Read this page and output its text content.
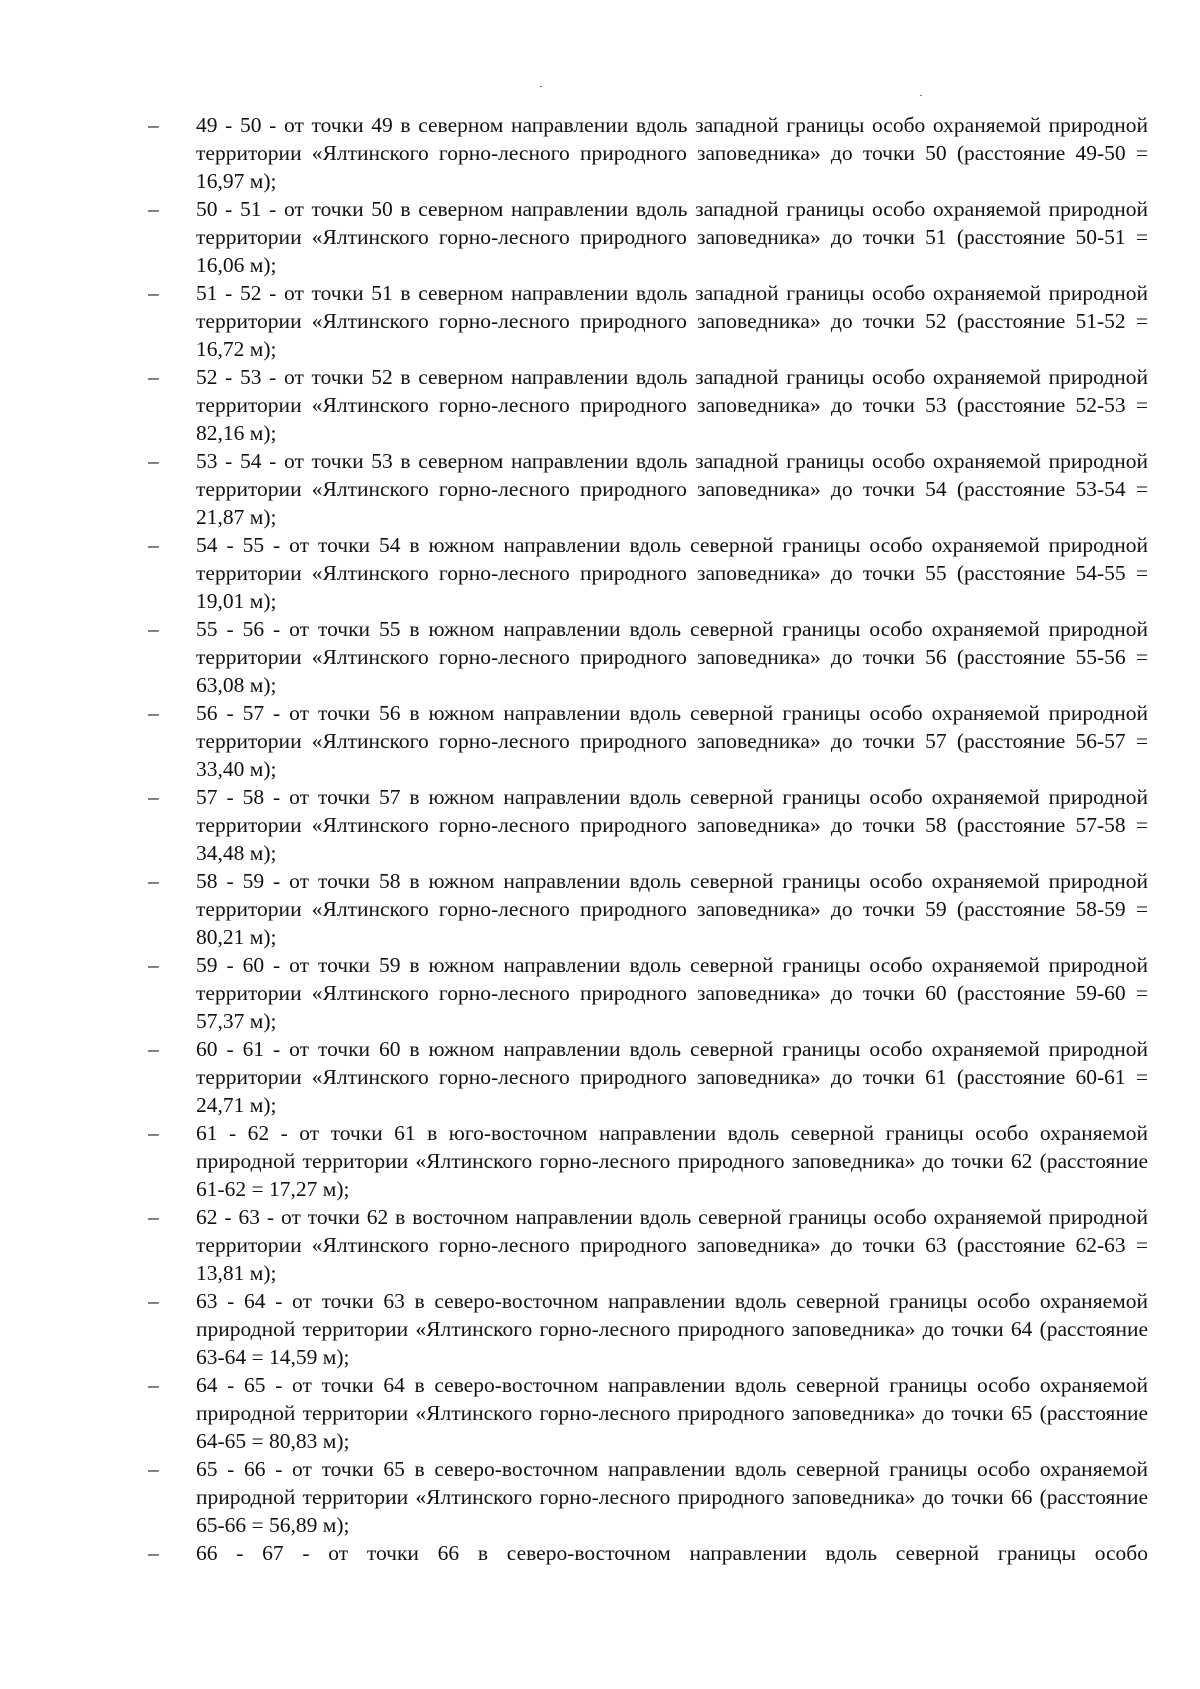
–	49 - 50 - от точки 49 в северном направлении вдоль западной границы особо охраняемой природной территории «Ялтинского горно-лесного природного заповедника» до точки 50 (расстояние 49-50 = 16,97 м);
–	50 - 51 - от точки 50 в северном направлении вдоль западной границы особо охраняемой природной территории «Ялтинского горно-лесного природного заповедника» до точки 51 (расстояние 50-51 = 16,06 м);
–	51 - 52 - от точки 51 в северном направлении вдоль западной границы особо охраняемой природной территории «Ялтинского горно-лесного природного заповедника» до точки 52 (расстояние 51-52 = 16,72 м);
–	52 - 53 - от точки 52 в северном направлении вдоль западной границы особо охраняемой природной территории «Ялтинского горно-лесного природного заповедника» до точки 53 (расстояние 52-53 = 82,16 м);
–	53 - 54 - от точки 53 в северном направлении вдоль западной границы особо охраняемой природной территории «Ялтинского горно-лесного природного заповедника» до точки 54 (расстояние 53-54 = 21,87 м);
–	54 - 55 - от точки 54 в южном направлении вдоль северной границы особо охраняемой природной территории «Ялтинского горно-лесного природного заповедника» до точки 55 (расстояние 54-55 = 19,01 м);
–	55 - 56 - от точки 55 в южном направлении вдоль северной границы особо охраняемой природной территории «Ялтинского горно-лесного природного заповедника» до точки 56 (расстояние 55-56 = 63,08 м);
–	56 - 57 - от точки 56 в южном направлении вдоль северной границы особо охраняемой природной территории «Ялтинского горно-лесного природного заповедника» до точки 57 (расстояние 56-57 = 33,40 м);
–	57 - 58 - от точки 57 в южном направлении вдоль северной границы особо охраняемой природной территории «Ялтинского горно-лесного природного заповедника» до точки 58 (расстояние 57-58 = 34,48 м);
–	58 - 59 - от точки 58 в южном направлении вдоль северной границы особо охраняемой природной территории «Ялтинского горно-лесного природного заповедника» до точки 59 (расстояние 58-59 = 80,21 м);
–	59 - 60 - от точки 59 в южном направлении вдоль северной границы особо охраняемой природной территории «Ялтинского горно-лесного природного заповедника» до точки 60 (расстояние 59-60 = 57,37 м);
–	60 - 61 - от точки 60 в южном направлении вдоль северной границы особо охраняемой природной территории «Ялтинского горно-лесного природного заповедника» до точки 61 (расстояние 60-61 = 24,71 м);
–	61 - 62 - от точки 61 в юго-восточном направлении вдоль северной границы особо охраняемой природной территории «Ялтинского горно-лесного природного заповедника» до точки 62 (расстояние 61-62 = 17,27 м);
–	62 - 63 - от точки 62 в восточном направлении вдоль северной границы особо охраняемой природной территории «Ялтинского горно-лесного природного заповедника» до точки 63 (расстояние 62-63 = 13,81 м);
–	63 - 64 - от точки 63 в северо-восточном направлении вдоль северной границы особо охраняемой природной территории «Ялтинского горно-лесного природного заповедника» до точки 64 (расстояние 63-64 = 14,59 м);
–	64 - 65 - от точки 64 в северо-восточном направлении вдоль северной границы особо охраняемой природной территории «Ялтинского горно-лесного природного заповедника» до точки 65 (расстояние 64-65 = 80,83 м);
–	65 - 66 - от точки 65 в северо-восточном направлении вдоль северной границы особо охраняемой природной территории «Ялтинского горно-лесного природного заповедника» до точки 66 (расстояние 65-66 = 56,89 м);
–	66 - 67 - от точки 66 в северо-восточном направлении вдоль северной границы особо
